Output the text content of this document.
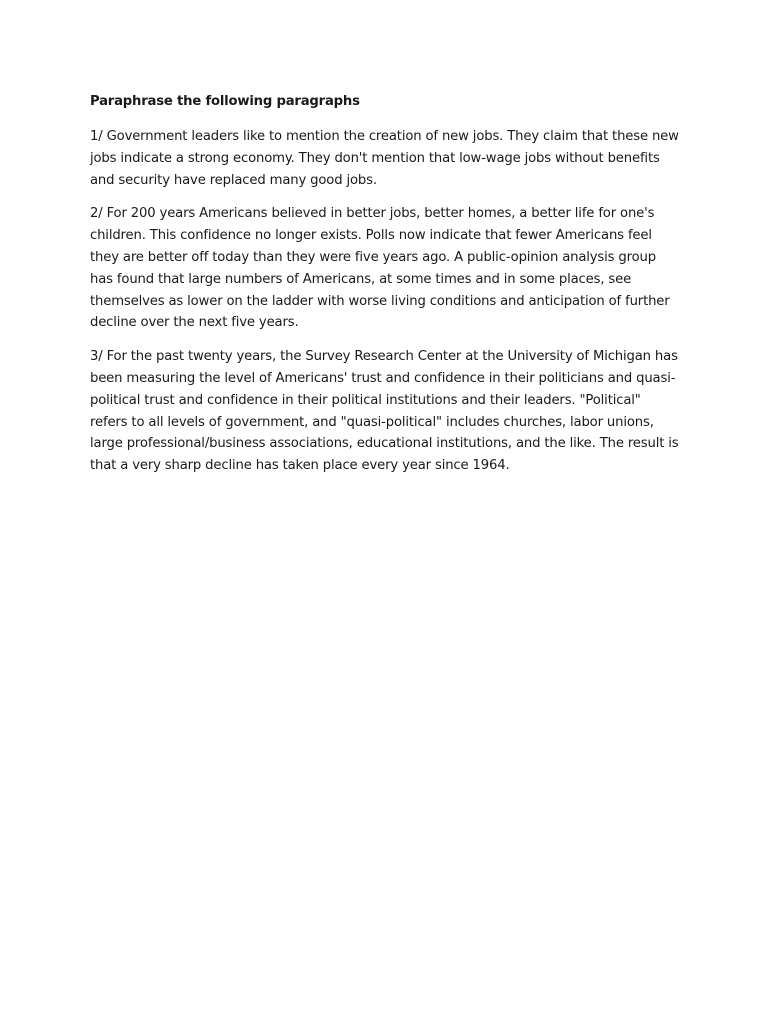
Paraphrase the following paragraphs

1/ Government leaders like to mention the creation of new jobs. They claim that these new jobs indicate a strong economy. They don't mention that low-wage jobs without benefits and security have replaced many good jobs.

2/ For 200 years Americans believed in better jobs, better homes, a better life for one's children. This confidence no longer exists. Polls now indicate that fewer Americans feel they are better off today than they were five years ago. A public-opinion analysis group has found that large numbers of Americans, at some times and in some places, see themselves as lower on the ladder with worse living conditions and anticipation of further decline over the next five years.

3/ For the past twenty years, the Survey Research Center at the University of Michigan has been measuring the level of Americans' trust and confidence in their politicians and quasi-political trust and confidence in their political institutions and their leaders. "Political" refers to all levels of government, and "quasi-political" includes churches, labor unions, large professional/business associations, educational institutions, and the like. The result is that a very sharp decline has taken place every year since 1964.
